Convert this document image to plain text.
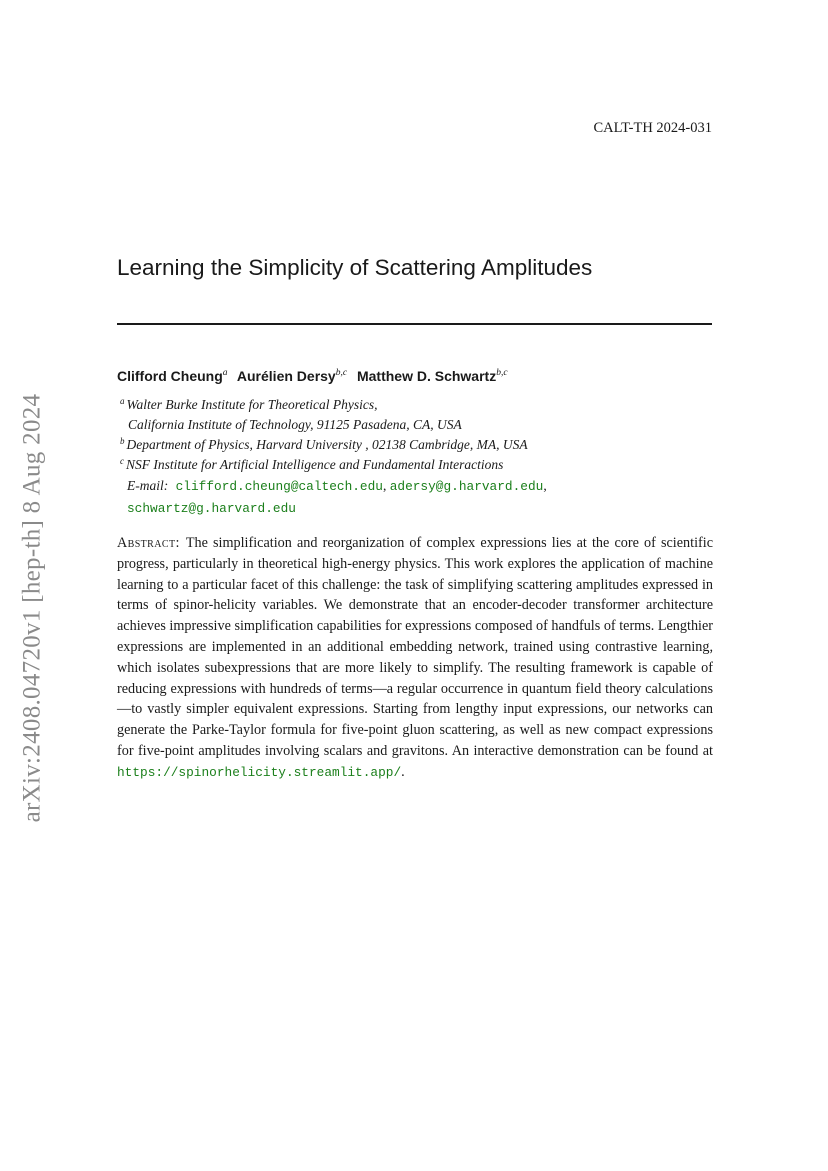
arXiv:2408.04720v1 [hep-th] 8 Aug 2024
CALT-TH 2024-031
Learning the Simplicity of Scattering Amplitudes
Clifford Cheung$^a$ Aurélien Dersy$^{b,c}$ Matthew D. Schwartz$^{b,c}$
$^a$ Walter Burke Institute for Theoretical Physics,
California Institute of Technology, 91125 Pasadena, CA, USA
$^b$ Department of Physics, Harvard University , 02138 Cambridge, MA, USA
$^c$ NSF Institute for Artificial Intelligence and Fundamental Interactions
E-mail: clifford.cheung@caltech.edu, adersy@g.harvard.edu,
schwartz@g.harvard.edu
Abstract: The simplification and reorganization of complex expressions lies at the core of scientific progress, particularly in theoretical high-energy physics. This work explores the application of machine learning to a particular facet of this challenge: the task of simplifying scattering amplitudes expressed in terms of spinor-helicity variables. We demonstrate that an encoder-decoder transformer architecture achieves impressive simplification capabilities for expressions composed of handfuls of terms. Lengthier expressions are implemented in an additional embedding network, trained using contrastive learning, which isolates subexpressions that are more likely to simplify. The resulting framework is capable of reducing expressions with hundreds of terms—a regular occurrence in quantum field theory calculations—to vastly simpler equivalent expressions. Starting from lengthy input expressions, our networks can generate the Parke-Taylor formula for five-point gluon scattering, as well as new compact expressions for five-point amplitudes involving scalars and gravitons. An interactive demonstration can be found at https://spinorhelicity.streamlit.app/.
